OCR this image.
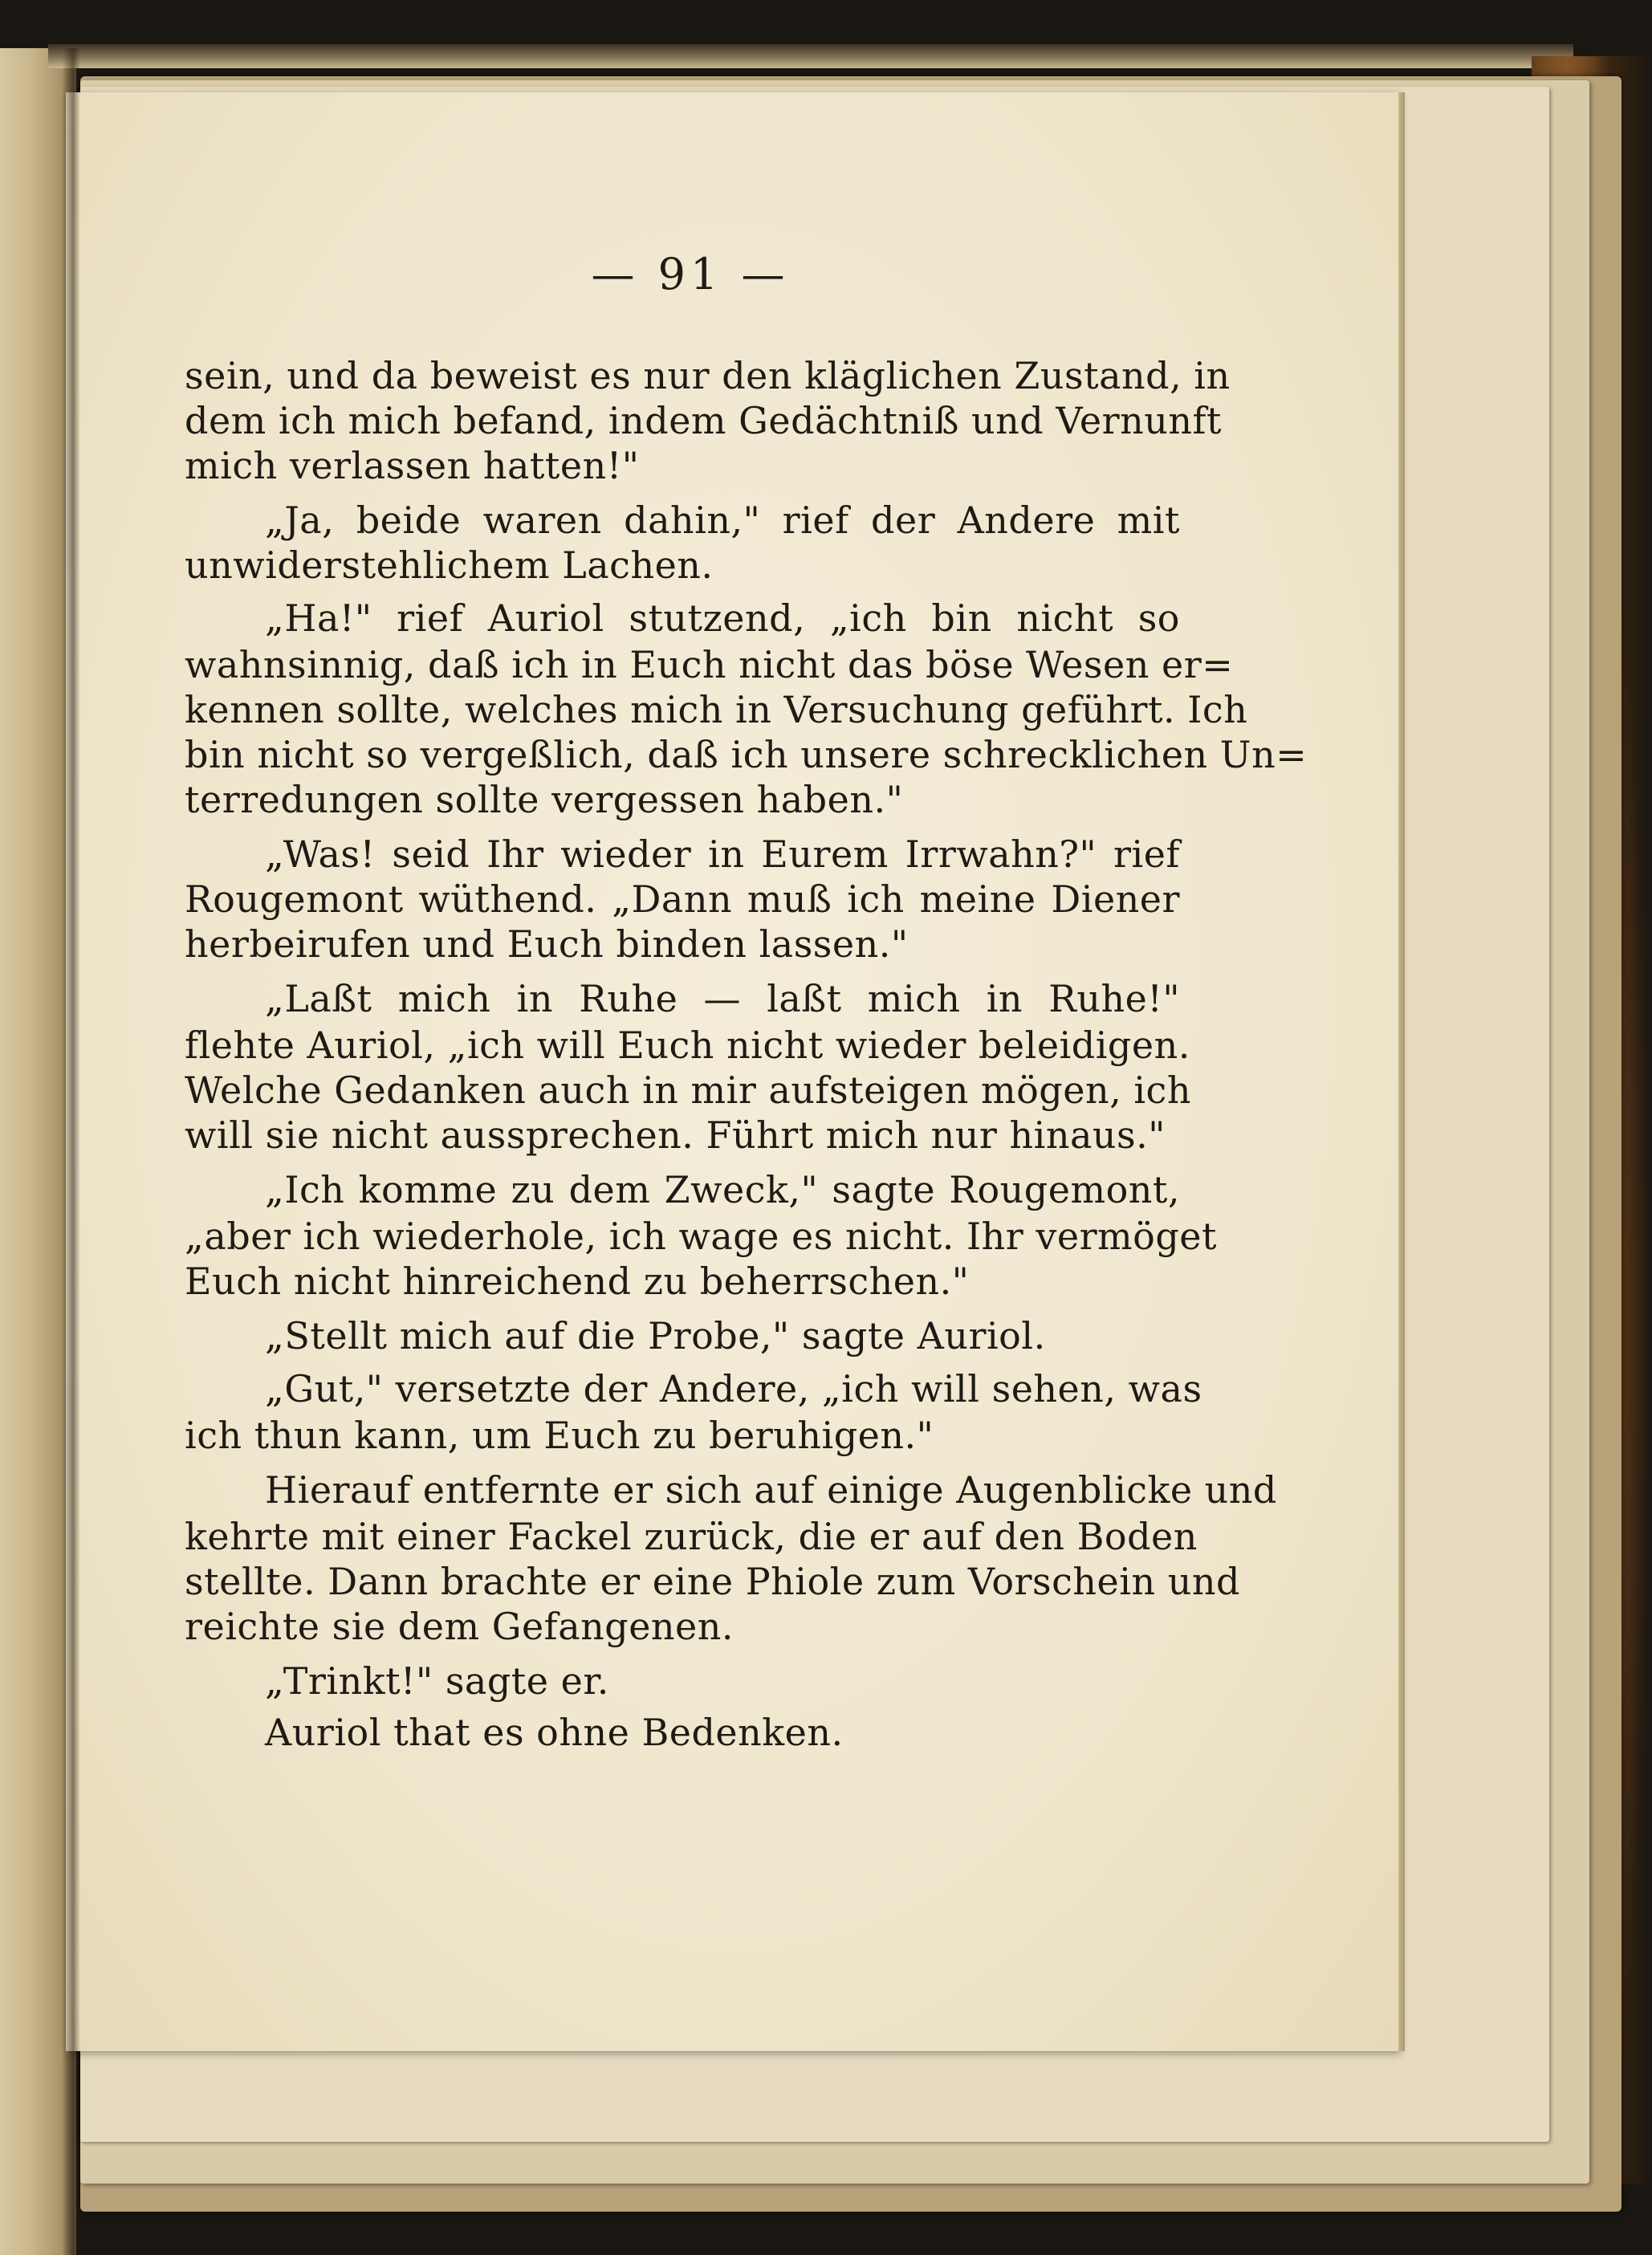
— 91 —
sein, und da beweist es nur den kläglichen Zustand, in
dem ich mich befand, indem Gedächtniß und Vernunft
mich verlassen hatten!"
„Ja, beide waren dahin," rief der Andere mit
unwiderstehlichem Lachen.
„Ha!" rief Auriol stutzend, „ich bin nicht so
wahnsinnig, daß ich in Euch nicht das böse Wesen er=
kennen sollte, welches mich in Versuchung geführt. Ich
bin nicht so vergeßlich, daß ich unsere schrecklichen Un=
terredungen sollte vergessen haben."
„Was! seid Ihr wieder in Eurem Irrwahn?" rief
Rougemont wüthend. „Dann muß ich meine Diener
herbeirufen und Euch binden lassen."
„Laßt mich in Ruhe — laßt mich in Ruhe!"
flehte Auriol, „ich will Euch nicht wieder beleidigen.
Welche Gedanken auch in mir aufsteigen mögen, ich
will sie nicht aussprechen. Führt mich nur hinaus."
„Ich komme zu dem Zweck," sagte Rougemont,
„aber ich wiederhole, ich wage es nicht. Ihr vermöget
Euch nicht hinreichend zu beherrschen."
„Stellt mich auf die Probe," sagte Auriol.
„Gut," versetzte der Andere, „ich will sehen, was
ich thun kann, um Euch zu beruhigen."
Hierauf entfernte er sich auf einige Augenblicke und
kehrte mit einer Fackel zurück, die er auf den Boden
stellte. Dann brachte er eine Phiole zum Vorschein und
reichte sie dem Gefangenen.
„Trinkt!" sagte er.
Auriol that es ohne Bedenken.
